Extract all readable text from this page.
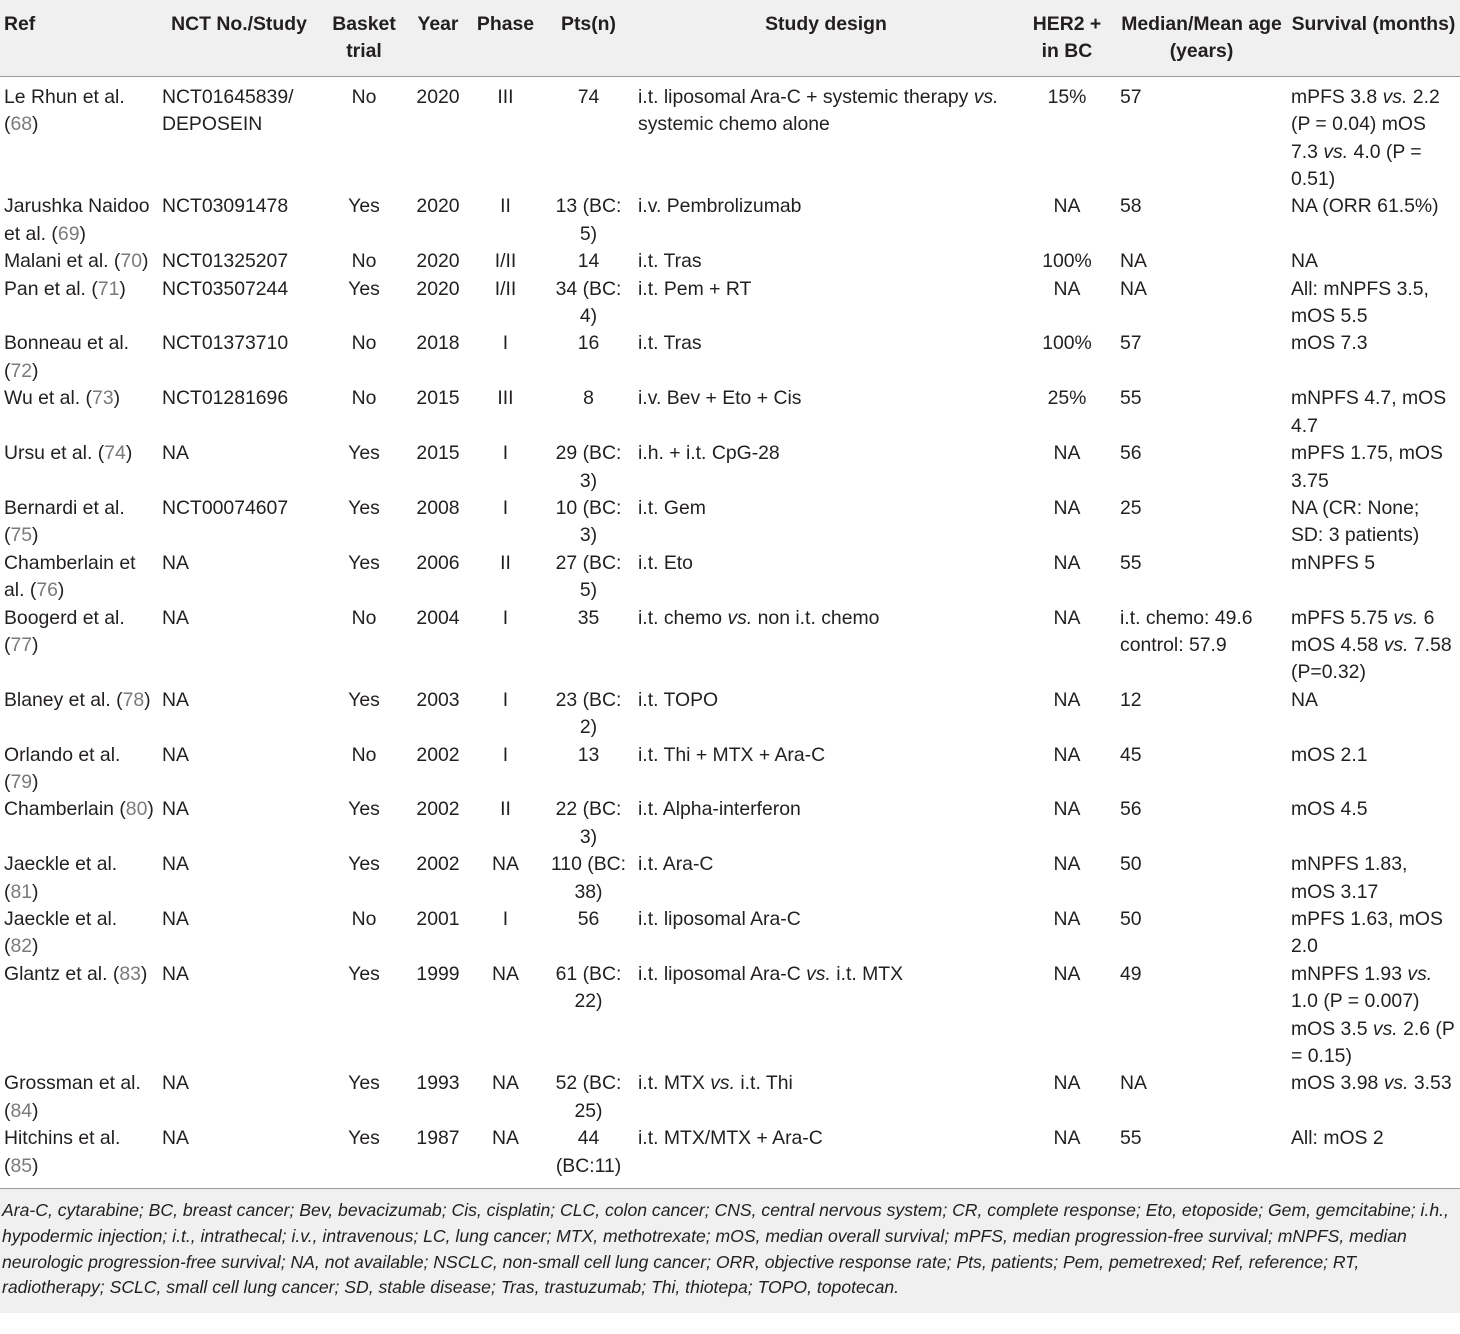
Ref	NCT No./Study	Basket trial	Year	Phase	Pts(n)	Study design	HER2 + in BC	Median/Mean age (years)	Survival (months)
Le Rhun et al. (68)	NCT01645839/ DEPOSEIN	No	2020	III	74	i.t. liposomal Ara-C + systemic therapy vs. systemic chemo alone	15%	57	mPFS 3.8 vs. 2.2 (P = 0.04) mOS 7.3 vs. 4.0 (P = 0.51)
Jarushka Naidoo et al. (69)	NCT03091478	Yes	2020	II	13 (BC: 5)	i.v. Pembrolizumab	NA	58	NA (ORR 61.5%)
Malani et al. (70)	NCT01325207	No	2020	I/II	14	i.t. Tras	100%	NA	NA
Pan et al. (71)	NCT03507244	Yes	2020	I/II	34 (BC: 4)	i.t. Pem + RT	NA	NA	All: mNPFS 3.5, mOS 5.5
Bonneau et al. (72)	NCT01373710	No	2018	I	16	i.t. Tras	100%	57	mOS 7.3
Wu et al. (73)	NCT01281696	No	2015	III	8	i.v. Bev + Eto + Cis	25%	55	mNPFS 4.7, mOS 4.7
Ursu et al. (74)	NA	Yes	2015	I	29 (BC: 3)	i.h. + i.t. CpG-28	NA	56	mPFS 1.75, mOS 3.75
Bernardi et al. (75)	NCT00074607	Yes	2008	I	10 (BC: 3)	i.t. Gem	NA	25	NA (CR: None; SD: 3 patients)
Chamberlain et al. (76)	NA	Yes	2006	II	27 (BC: 5)	i.t. Eto	NA	55	mNPFS 5
Boogerd et al. (77)	NA	No	2004	I	35	i.t. chemo vs. non i.t. chemo	NA	i.t. chemo: 49.6 control: 57.9	mPFS 5.75 vs. 6 mOS 4.58 vs. 7.58 (P=0.32)
Blaney et al. (78)	NA	Yes	2003	I	23 (BC: 2)	i.t. TOPO	NA	12	NA
Orlando et al. (79)	NA	No	2002	I	13	i.t. Thi + MTX + Ara-C	NA	45	mOS 2.1
Chamberlain (80)	NA	Yes	2002	II	22 (BC: 3)	i.t. Alpha-interferon	NA	56	mOS 4.5
Jaeckle et al. (81)	NA	Yes	2002	NA	110 (BC: 38)	i.t. Ara-C	NA	50	mNPFS 1.83, mOS 3.17
Jaeckle et al. (82)	NA	No	2001	I	56	i.t. liposomal Ara-C	NA	50	mPFS 1.63, mOS 2.0
Glantz et al. (83)	NA	Yes	1999	NA	61 (BC: 22)	i.t. liposomal Ara-C vs. i.t. MTX	NA	49	mNPFS 1.93 vs. 1.0 (P = 0.007) mOS 3.5 vs. 2.6 (P = 0.15)
Grossman et al. (84)	NA	Yes	1993	NA	52 (BC: 25)	i.t. MTX vs. i.t. Thi	NA	NA	mOS 3.98 vs. 3.53
Hitchins et al. (85)	NA	Yes	1987	NA	44 (BC:11)	i.t. MTX/MTX + Ara-C	NA	55	All: mOS 2
Ara-C, cytarabine; BC, breast cancer; Bev, bevacizumab; Cis, cisplatin; CLC, colon cancer; CNS, central nervous system; CR, complete response; Eto, etoposide; Gem, gemcitabine; i.h., hypodermic injection; i.t., intrathecal; i.v., intravenous; LC, lung cancer; MTX, methotrexate; mOS, median overall survival; mPFS, median progression-free survival; mNPFS, median neurologic progression-free survival; NA, not available; NSCLC, non-small cell lung cancer; ORR, objective response rate; Pts, patients; Pem, pemetrexed; Ref, reference; RT, radiotherapy; SCLC, small cell lung cancer; SD, stable disease; Tras, trastuzumab; Thi, thiotepa; TOPO, topotecan.
